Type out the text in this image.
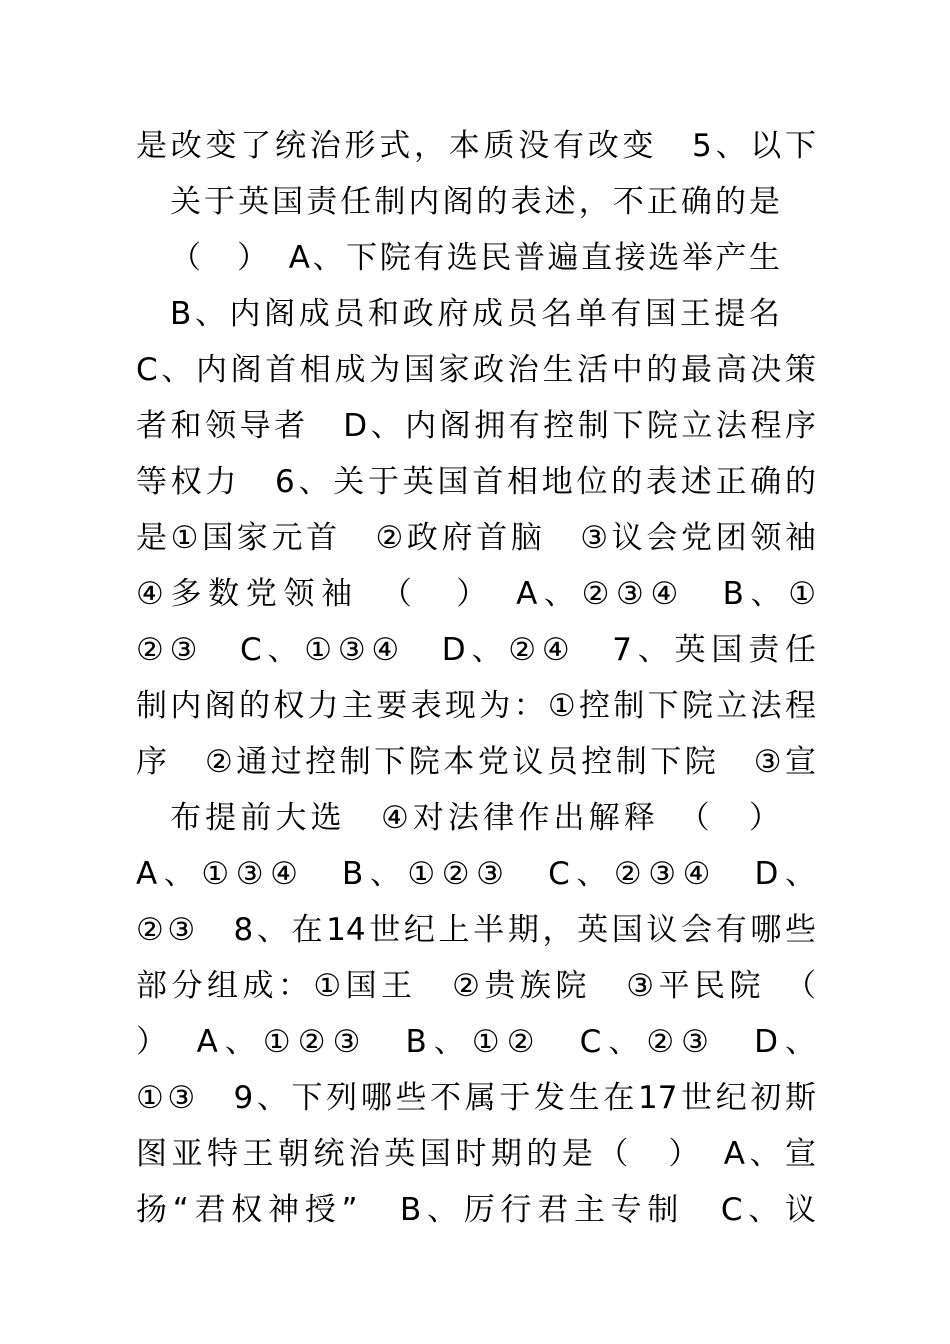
是改变了统治形式，本质没有改变　5、以下
关于英国责任制内阁的表述，不正确的是
（　）　A、下院有选民普遍直接选举产生
B、内阁成员和政府成员名单有国王提名
C、内阁首相成为国家政治生活中的最高决策
者和领导者　D、内阁拥有控制下院立法程序
等权力　6、关于英国首相地位的表述正确的
是①国家元首　②政府首脑　③议会党团领袖
④多数党领袖　（　）　A、②③④　B、①
②③　C、①③④　D、②④　7、英国责任
制内阁的权力主要表现为：①控制下院立法程
序　②通过控制下院本党议员控制下院　③宣
布提前大选　④对法律作出解释　（　）
A、①③④　B、①②③　C、②③④　D、
②③　8、在14世纪上半期，英国议会有哪些
部分组成：①国王　②贵族院　③平民院　（
）　A、①②③　B、①②　C、②③　D、
①③　9、下列哪些不属于发生在17世纪初斯
图亚特王朝统治英国时期的是（　）　A、宣
扬“君权神授”　B、厉行君主专制　C、议
